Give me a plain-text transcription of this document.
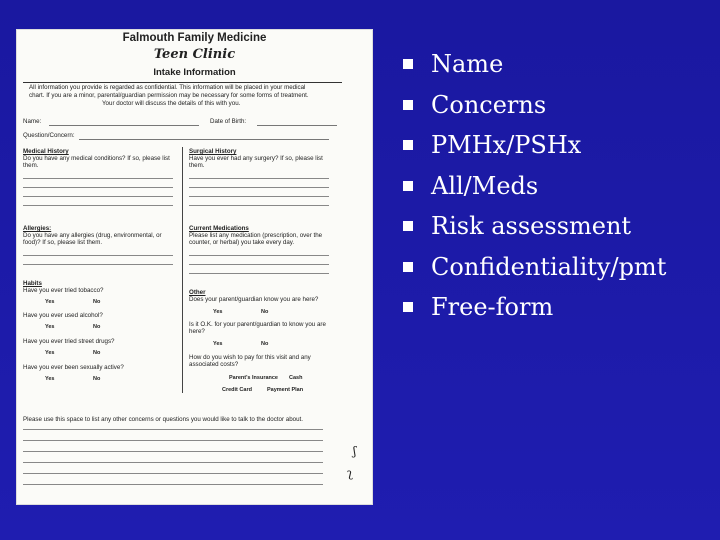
Falmouth Family Medicine
Teen Clinic
Intake Information
All information you provide is regarded as confidential. This information will be placed in your medical
chart. If you are a minor, parental/guardian permission may be necessary for some forms of treatment.
Your doctor will discuss the details of this with you.
Name:	Date of Birth:
Question/Concern:
Medical History
Do you have any medical conditions? If so, please list them.
Surgical History
Have you ever had any surgery? If so, please list them.
Allergies:
Do you have any allergies (drug, environmental, or food)? If so, please list them.
Current Medications
Please list any medication (prescription, over the counter, or herbal) you take every day.
Habits
Have you ever tried tobacco?
Yes	No
Have you ever used alcohol?
Yes	No
Have you ever tried street drugs?
Yes	No
Have you ever been sexually active?
Yes	No
Other
Does your parent/guardian know you are here?
Yes	No
Is it O.K. for your parent/guardian to know you are here?
Yes	No
How do you wish to pay for this visit and any associated costs?
Parent's Insurance Cash
Credit Card	Payment Plan
Please use this space to list any other concerns or questions you would like to talk to the doctor about.
ʃ
ʅ
Name
Concerns
PMHx/PSHx
All/Meds
Risk assessment
Confidentiality/pmt
Free-form
